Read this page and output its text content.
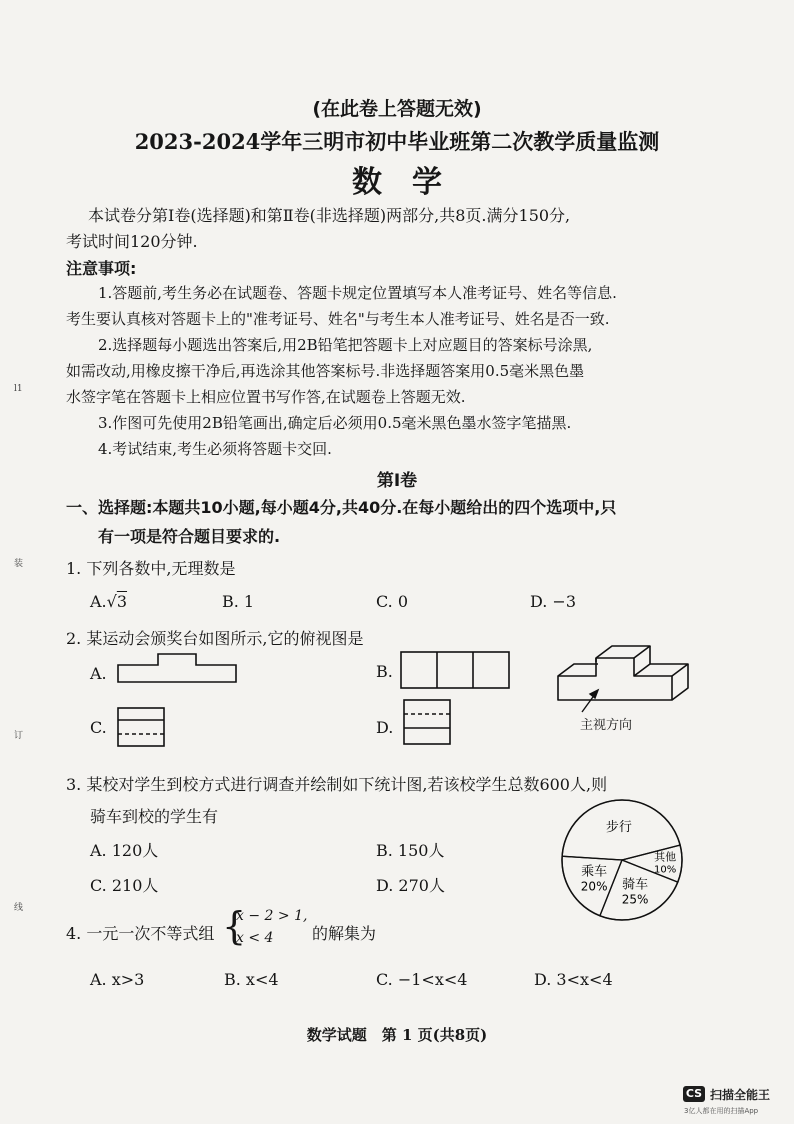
l1
装
订
线
(在此卷上答题无效)
2023-2024学年三明市初中毕业班第二次教学质量监测
数　学
本试卷分第Ⅰ卷(选择题)和第Ⅱ卷(非选择题)两部分,共8页.满分150分,
考试时间120分钟.
注意事项:
1.答题前,考生务必在试题卷、答题卡规定位置填写本人准考证号、姓名等信息.
考生要认真核对答题卡上的"准考证号、姓名"与考生本人准考证号、姓名是否一致.
2.选择题每小题选出答案后,用2B铅笔把答题卡上对应题目的答案标号涂黑,
如需改动,用橡皮擦干净后,再选涂其他答案标号.非选择题答案用0.5毫米黑色墨
水签字笔在答题卡上相应位置书写作答,在试题卷上答题无效.
3.作图可先使用2B铅笔画出,确定后必须用0.5毫米黑色墨水签字笔描黑.
4.考试结束,考生必须将答题卡交回.
第Ⅰ卷
一、选择题:本题共10小题,每小题4分,共40分.在每小题给出的四个选项中,只
有一项是符合题目要求的.
1. 下列各数中,无理数是
A.√3	B. 1	C. 0	D. −3
2. 某运动会颁奖台如图所示,它的俯视图是
A.	B.
C.	D.	主视方向
3. 某校对学生到校方式进行调查并绘制如下统计图,若该校学生总数600人,则
骑车到校的学生有
A. 120人	B. 150人
C. 210人	D. 270人
步行
其他
10%
骑车
25%
乘车
20%
4. 一元一次不等式组 {
x − 2 > 1,
x < 4 的解集为
A. x>3	B. x<4	C. −1<x<4	D. 3<x<4
数学试题　第 1 页(共8页)
CS 扫描全能王
3亿人都在用的扫描App
